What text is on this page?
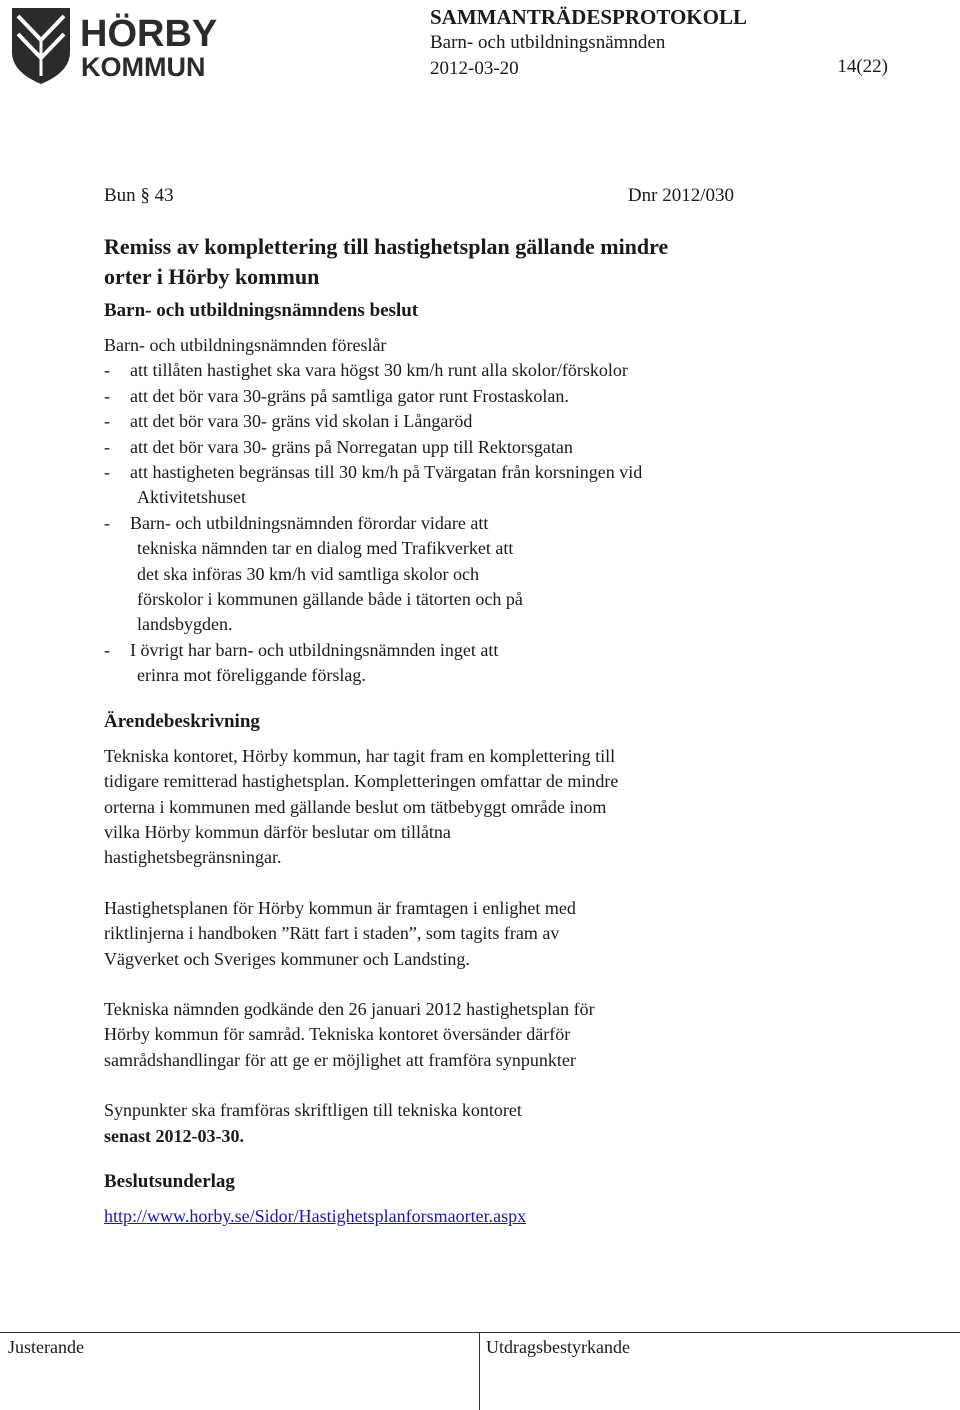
HÖRBY
KOMMUN
SAMMANTRÄDESPROTOKOLL
Barn- och utbildningsnämnden
2012-03-20	14(22)
Bun § 43	Dnr 2012/030
Remiss av komplettering till hastighetsplan gällande mindre
orter i Hörby kommun
Barn- och utbildningsnämndens beslut
Barn- och utbildningsnämnden föreslår
- att tillåten hastighet ska vara högst 30 km/h runt alla skolor/förskolor
- att det bör vara 30-gräns på samtliga gator runt Frostaskolan.
- att det bör vara 30- gräns vid skolan i Långaröd
- att det bör vara 30- gräns på Norregatan upp till Rektorsgatan
- att hastigheten begränsas till 30 km/h på Tvärgatan från korsningen vid
Aktivitetshuset
- Barn- och utbildningsnämnden förordar vidare att
tekniska nämnden tar en dialog med Trafikverket att
det ska införas 30 km/h vid samtliga skolor och
förskolor i kommunen gällande både i tätorten och på
landsbygden.
- I övrigt har barn- och utbildningsnämnden inget att
erinra mot föreliggande förslag.
Ärendebeskrivning

Tekniska kontoret, Hörby kommun, har tagit fram en komplettering till
tidigare remitterad hastighetsplan. Kompletteringen omfattar de mindre
orterna i kommunen med gällande beslut om tätbebyggt område inom
vilka Hörby kommun därför beslutar om tillåtna
hastighetsbegränsningar.

Hastighetsplanen för Hörby kommun är framtagen i enlighet med
riktlinjerna i handboken ”Rätt fart i staden”, som tagits fram av
Vägverket och Sveriges kommuner och Landsting.

Tekniska nämnden godkände den 26 januari 2012 hastighetsplan för
Hörby kommun för samråd. Tekniska kontoret översänder därför
samrådshandlingar för att ge er möjlighet att framföra synpunkter

Synpunkter ska framföras skriftligen till tekniska kontoret
senast 2012-03-30.

Beslutsunderlag
http://www.horby.se/Sidor/Hastighetsplanforsmaorter.aspx
Justerande	Utdragsbestyrkande
